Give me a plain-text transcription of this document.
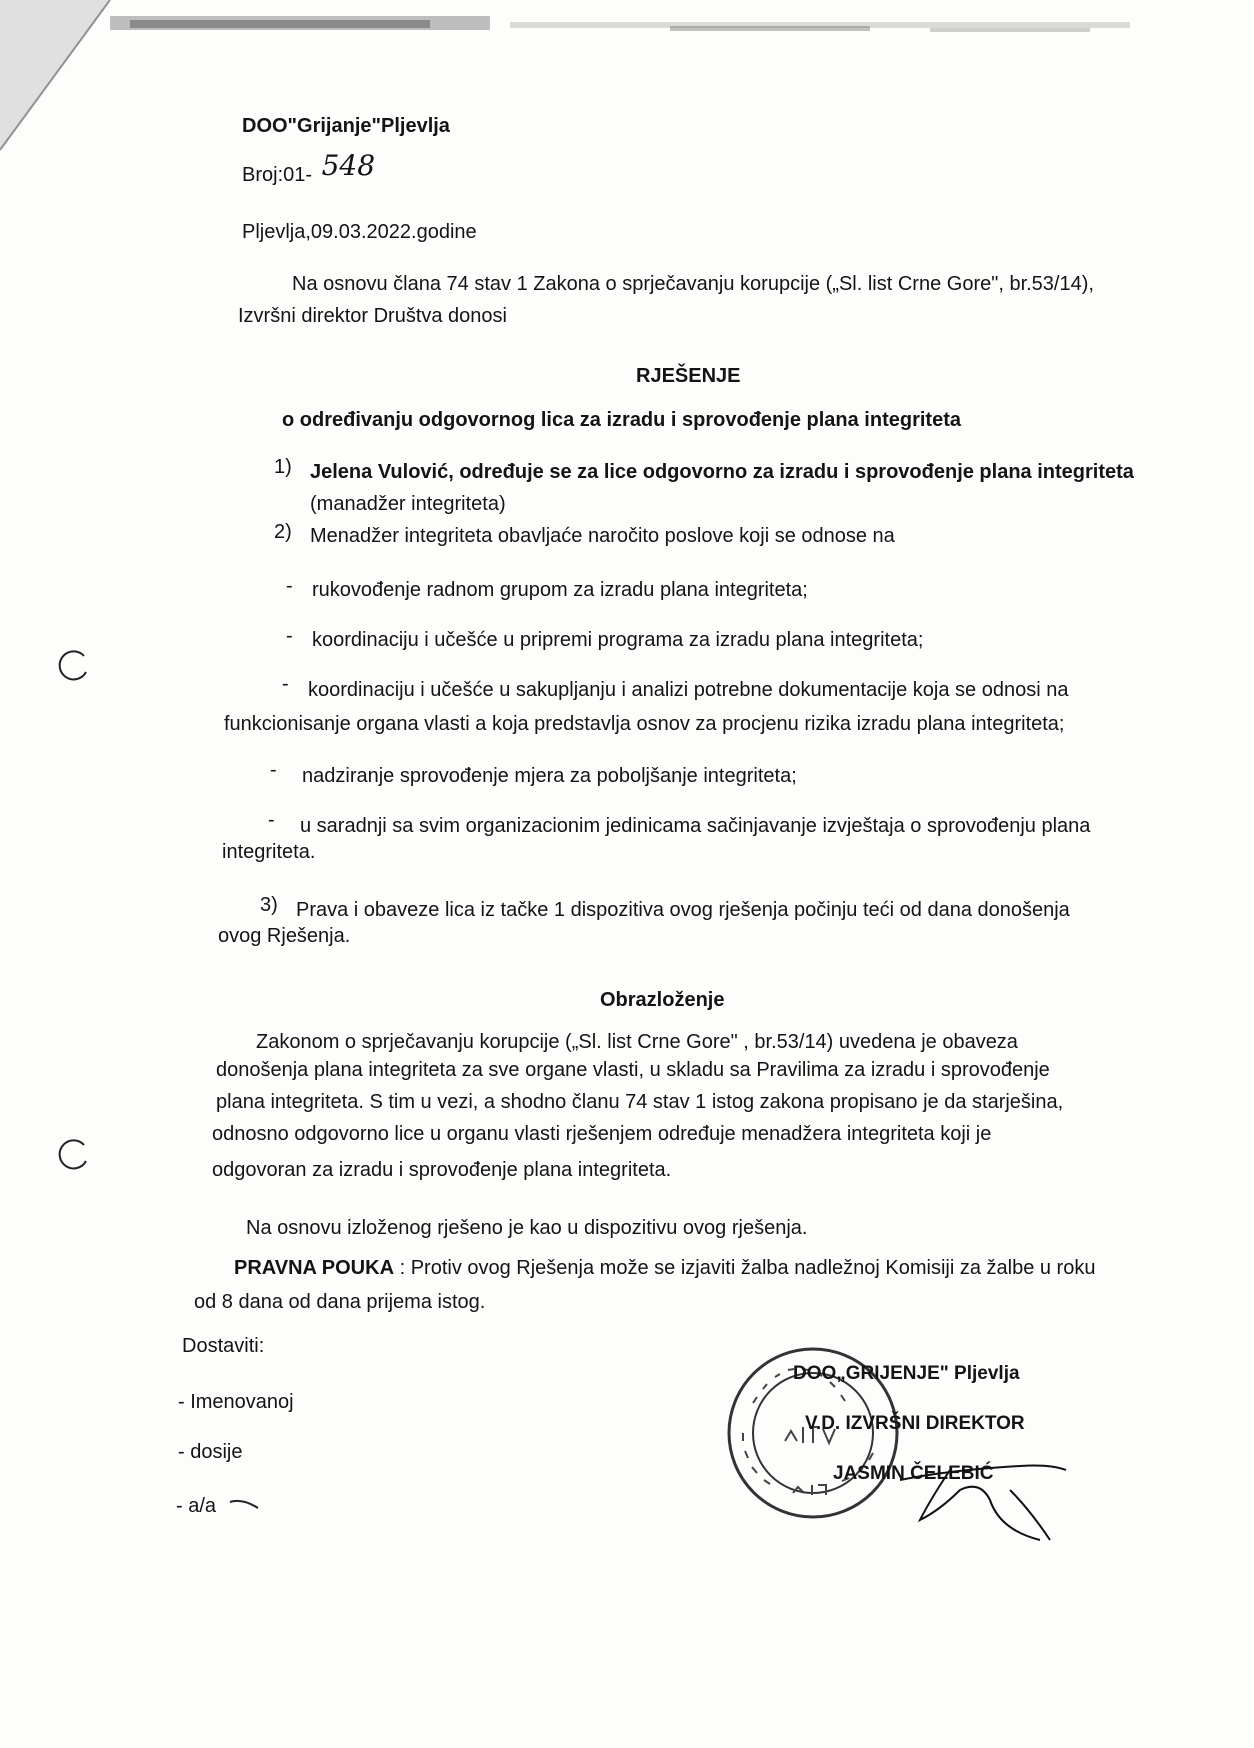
DOO"Grijanje"Pljevlja
Broj:01- 548
Pljevlja,09.03.2022.godine
Na osnovu člana 74 stav 1 Zakona o sprječavanju korupcije („Sl. list Crne Gore", br.53/14),
Izvršni direktor Društva donosi
RJEŠENJE
o određivanju odgovornog lica za izradu i sprovođenje plana integriteta
1) Jelena Vulović, određuje se za lice odgovorno za izradu i sprovođenje plana integriteta
(manadžer integriteta)
2) Menadžer integriteta obavljaće naročito poslove koji se odnose na
- rukovođenje radnom grupom za izradu plana integriteta;
- koordinaciju i učešće u pripremi programa za izradu plana integriteta;
- koordinaciju i učešće u sakupljanju i analizi potrebne dokumentacije koja se odnosi na
funkcionisanje organa vlasti a koja predstavlja osnov za procjenu rizika izradu plana integriteta;
- nadziranje sprovođenje mjera za poboljšanje integriteta;
- u saradnji sa svim organizacionim jedinicama sačinjavanje izvještaja o sprovođenju plana
integriteta.
3) Prava i obaveze lica iz tačke 1 dispozitiva ovog rješenja počinju teći od dana donošenja
ovog Rješenja.
Obrazloženje
Zakonom o sprječavanju korupcije („Sl. list Crne Gore" , br.53/14) uvedena je obaveza
donošenja plana integriteta za sve organe vlasti, u skladu sa Pravilima za izradu i sprovođenje
plana integriteta. S tim u vezi, a shodno članu 74 stav 1 istog zakona propisano je da starješina,
odnosno odgovorno lice u organu vlasti rješenjem određuje menadžera integriteta koji je
odgovoran za izradu i sprovođenje plana integriteta.
Na osnovu izloženog rješeno je kao u dispozitivu ovog rješenja.
PRAVNA POUKA : Protiv ovog Rješenja može se izjaviti žalba nadležnoj Komisiji za žalbe u roku
od 8 dana od dana prijema istog.
Dostaviti:
- Imenovanoj
- dosije
- a/a
DOO„GRIJENJE" Pljevlja
V.D. IZVRŠNI DIREKTOR
JASMIN ČELEBIĆ
